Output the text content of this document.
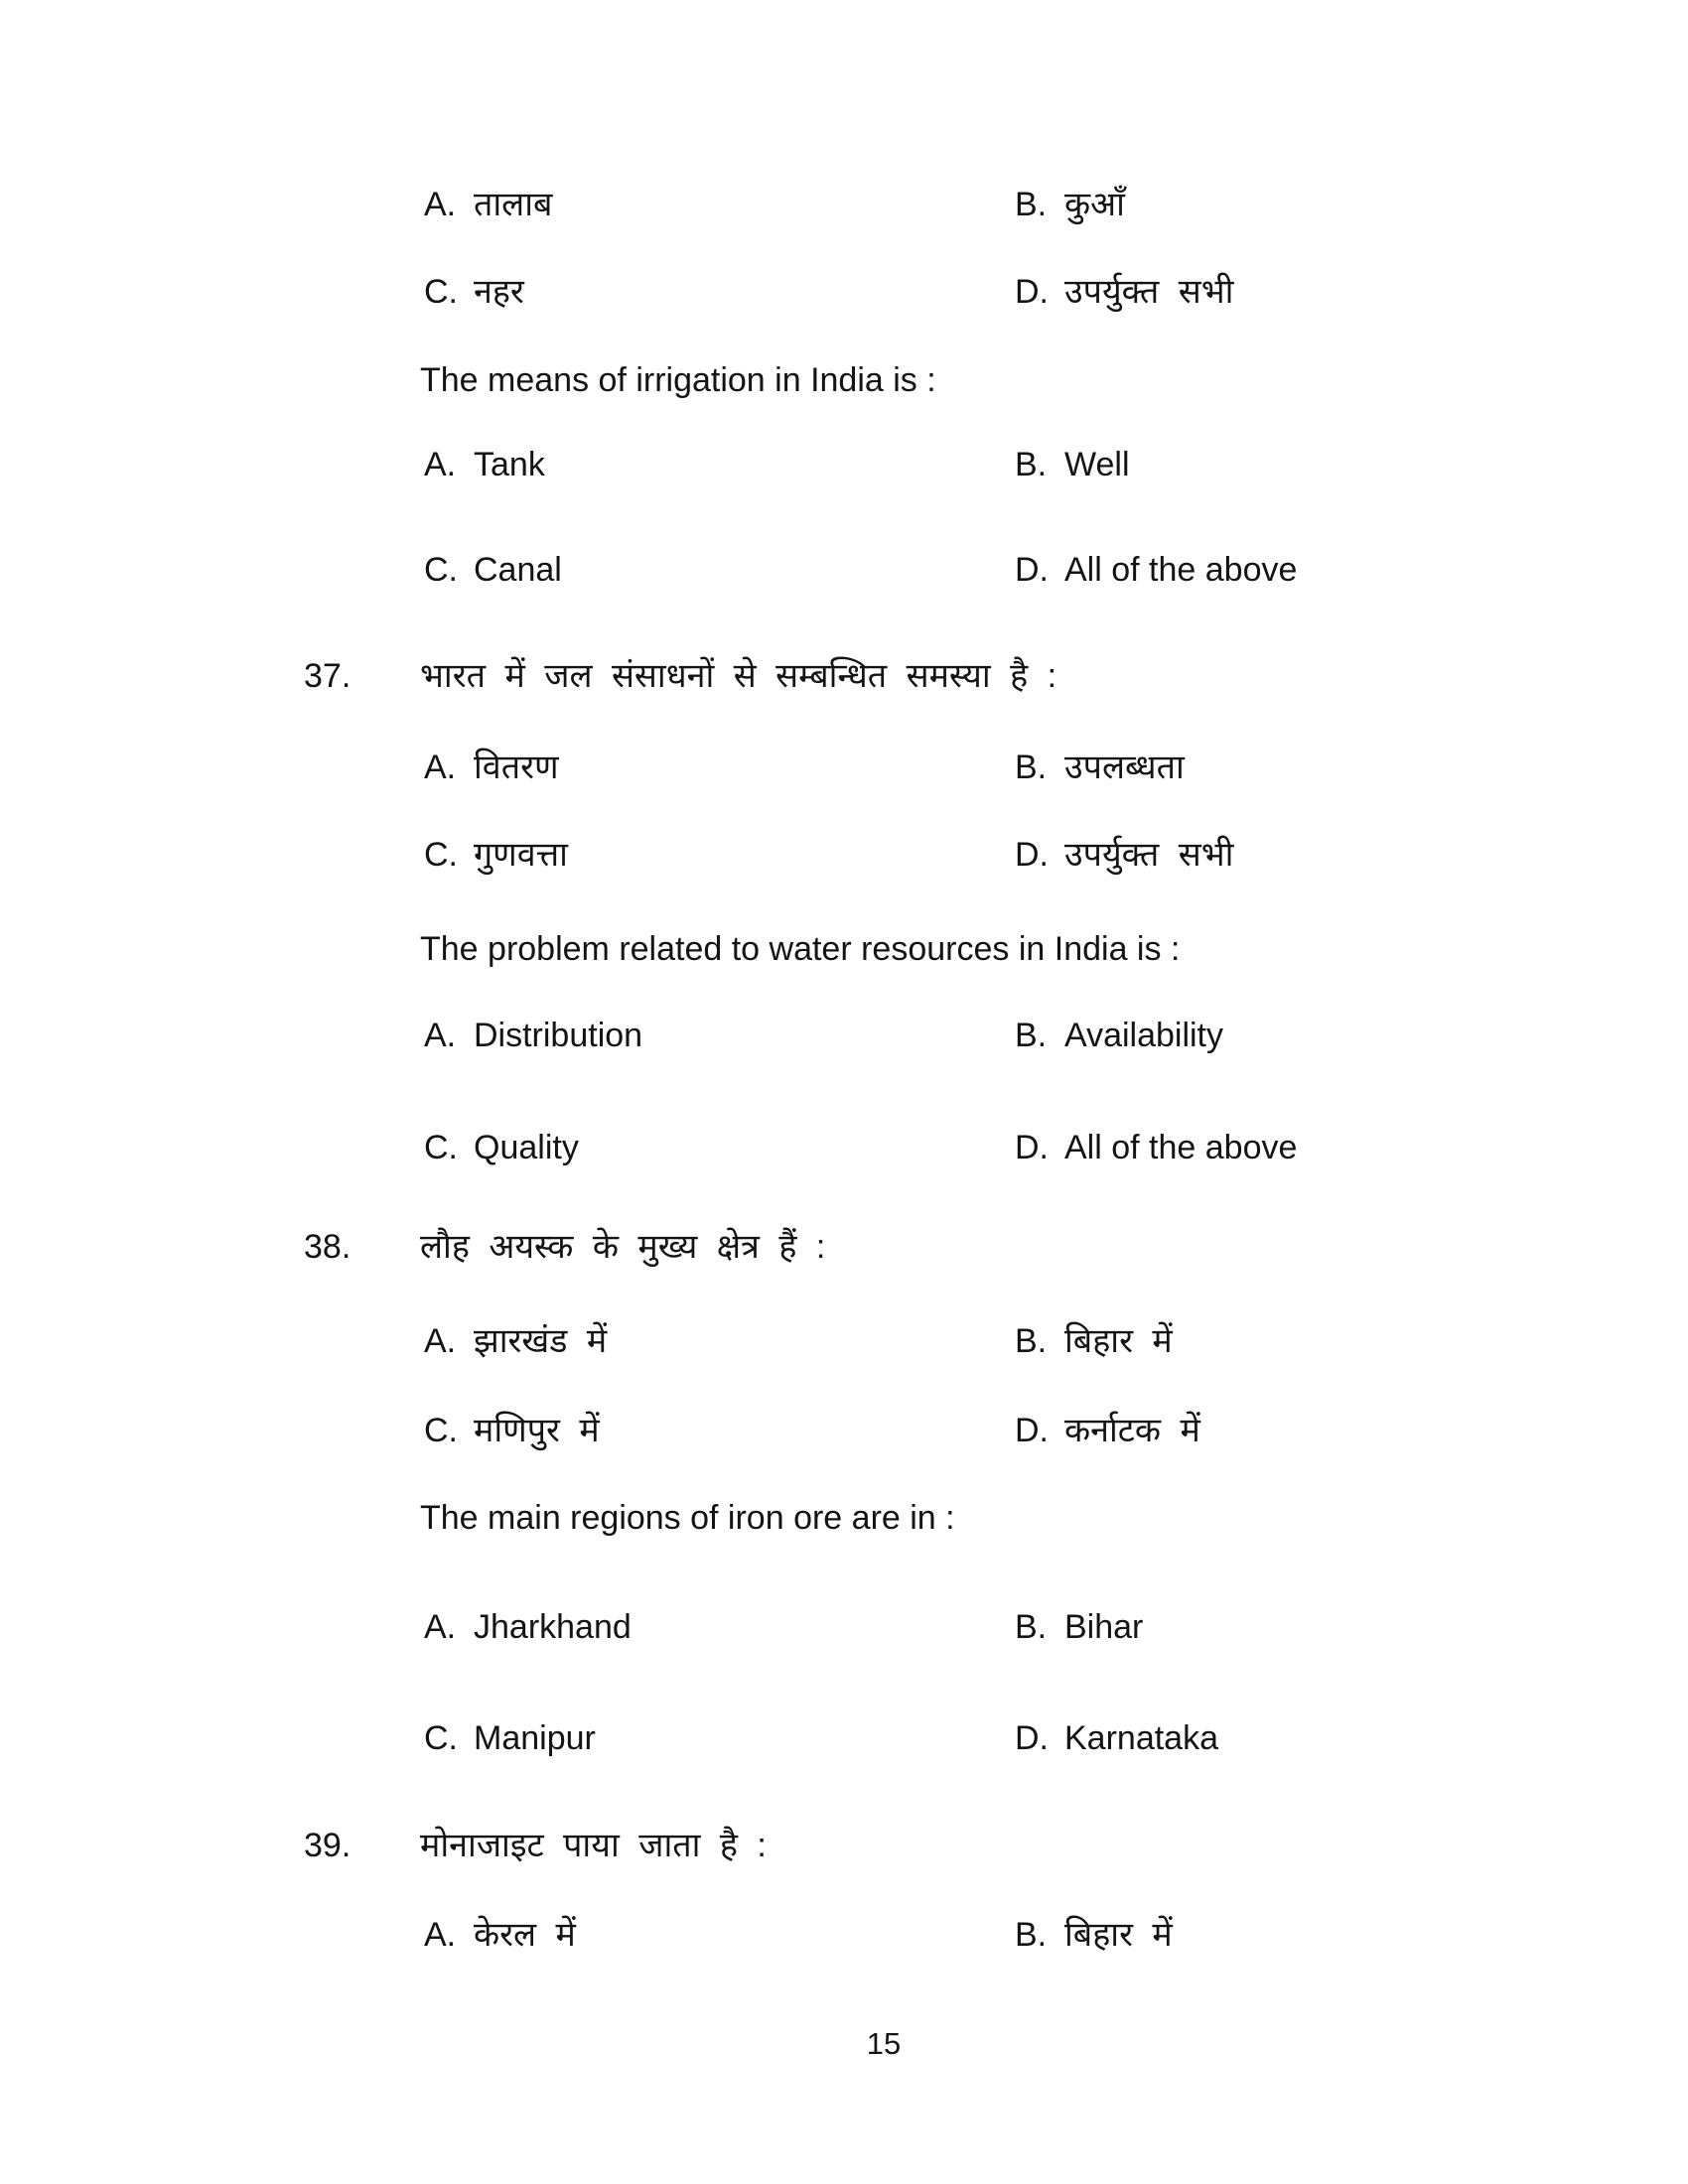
A. तालाब	B. कुआँ
C. नहर	D. उपर्युक्त सभी
The means of irrigation in India is :
A. Tank	B. Well
C. Canal	D. All of the above
37. भारत में जल संसाधनों से सम्बन्धित समस्या है :
A. वितरण	B. उपलब्धता
C. गुणवत्ता	D. उपर्युक्त सभी
The problem related to water resources in India is :
A. Distribution	B. Availability
C. Quality	D. All of the above
38. लौह अयस्क के मुख्य क्षेत्र हैं :
A. झारखंड में	B. बिहार में
C. मणिपुर में	D. कर्नाटक में
The main regions of iron ore are in :
A. Jharkhand	B. Bihar
C. Manipur	D. Karnataka
39. मोनाजाइट पाया जाता है :
A. केरल में	B. बिहार में
15
